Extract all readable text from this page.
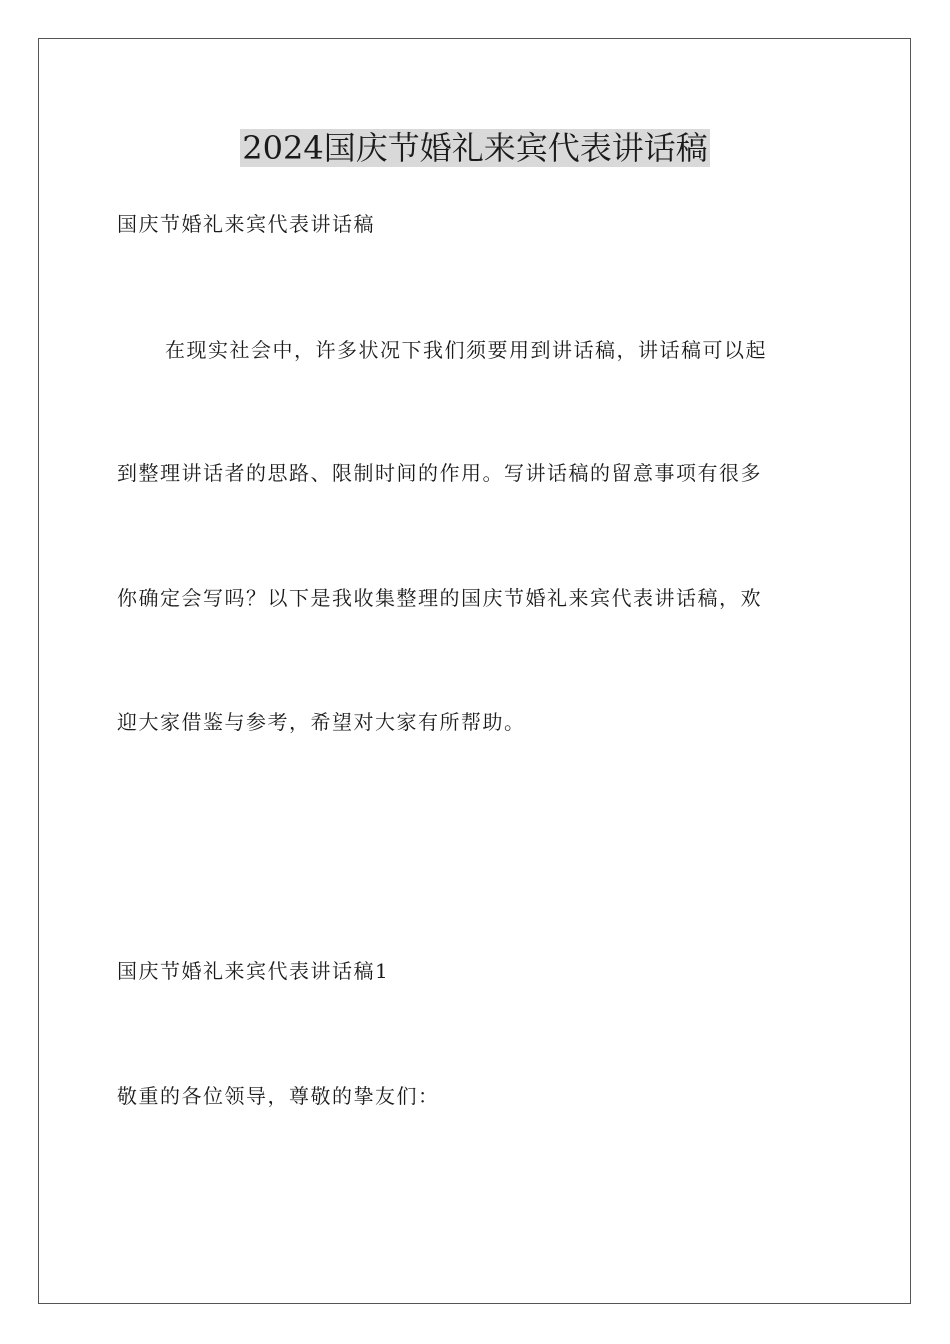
2024国庆节婚礼来宾代表讲话稿
国庆节婚礼来宾代表讲话稿
在现实社会中，许多状况下我们须要用到讲话稿，讲话稿可以起
到整理讲话者的思路、限制时间的作用。写讲话稿的留意事项有很多
你确定会写吗？以下是我收集整理的国庆节婚礼来宾代表讲话稿，欢
迎大家借鉴与参考，希望对大家有所帮助。
国庆节婚礼来宾代表讲话稿1
敬重的各位领导，尊敬的挚友们：
